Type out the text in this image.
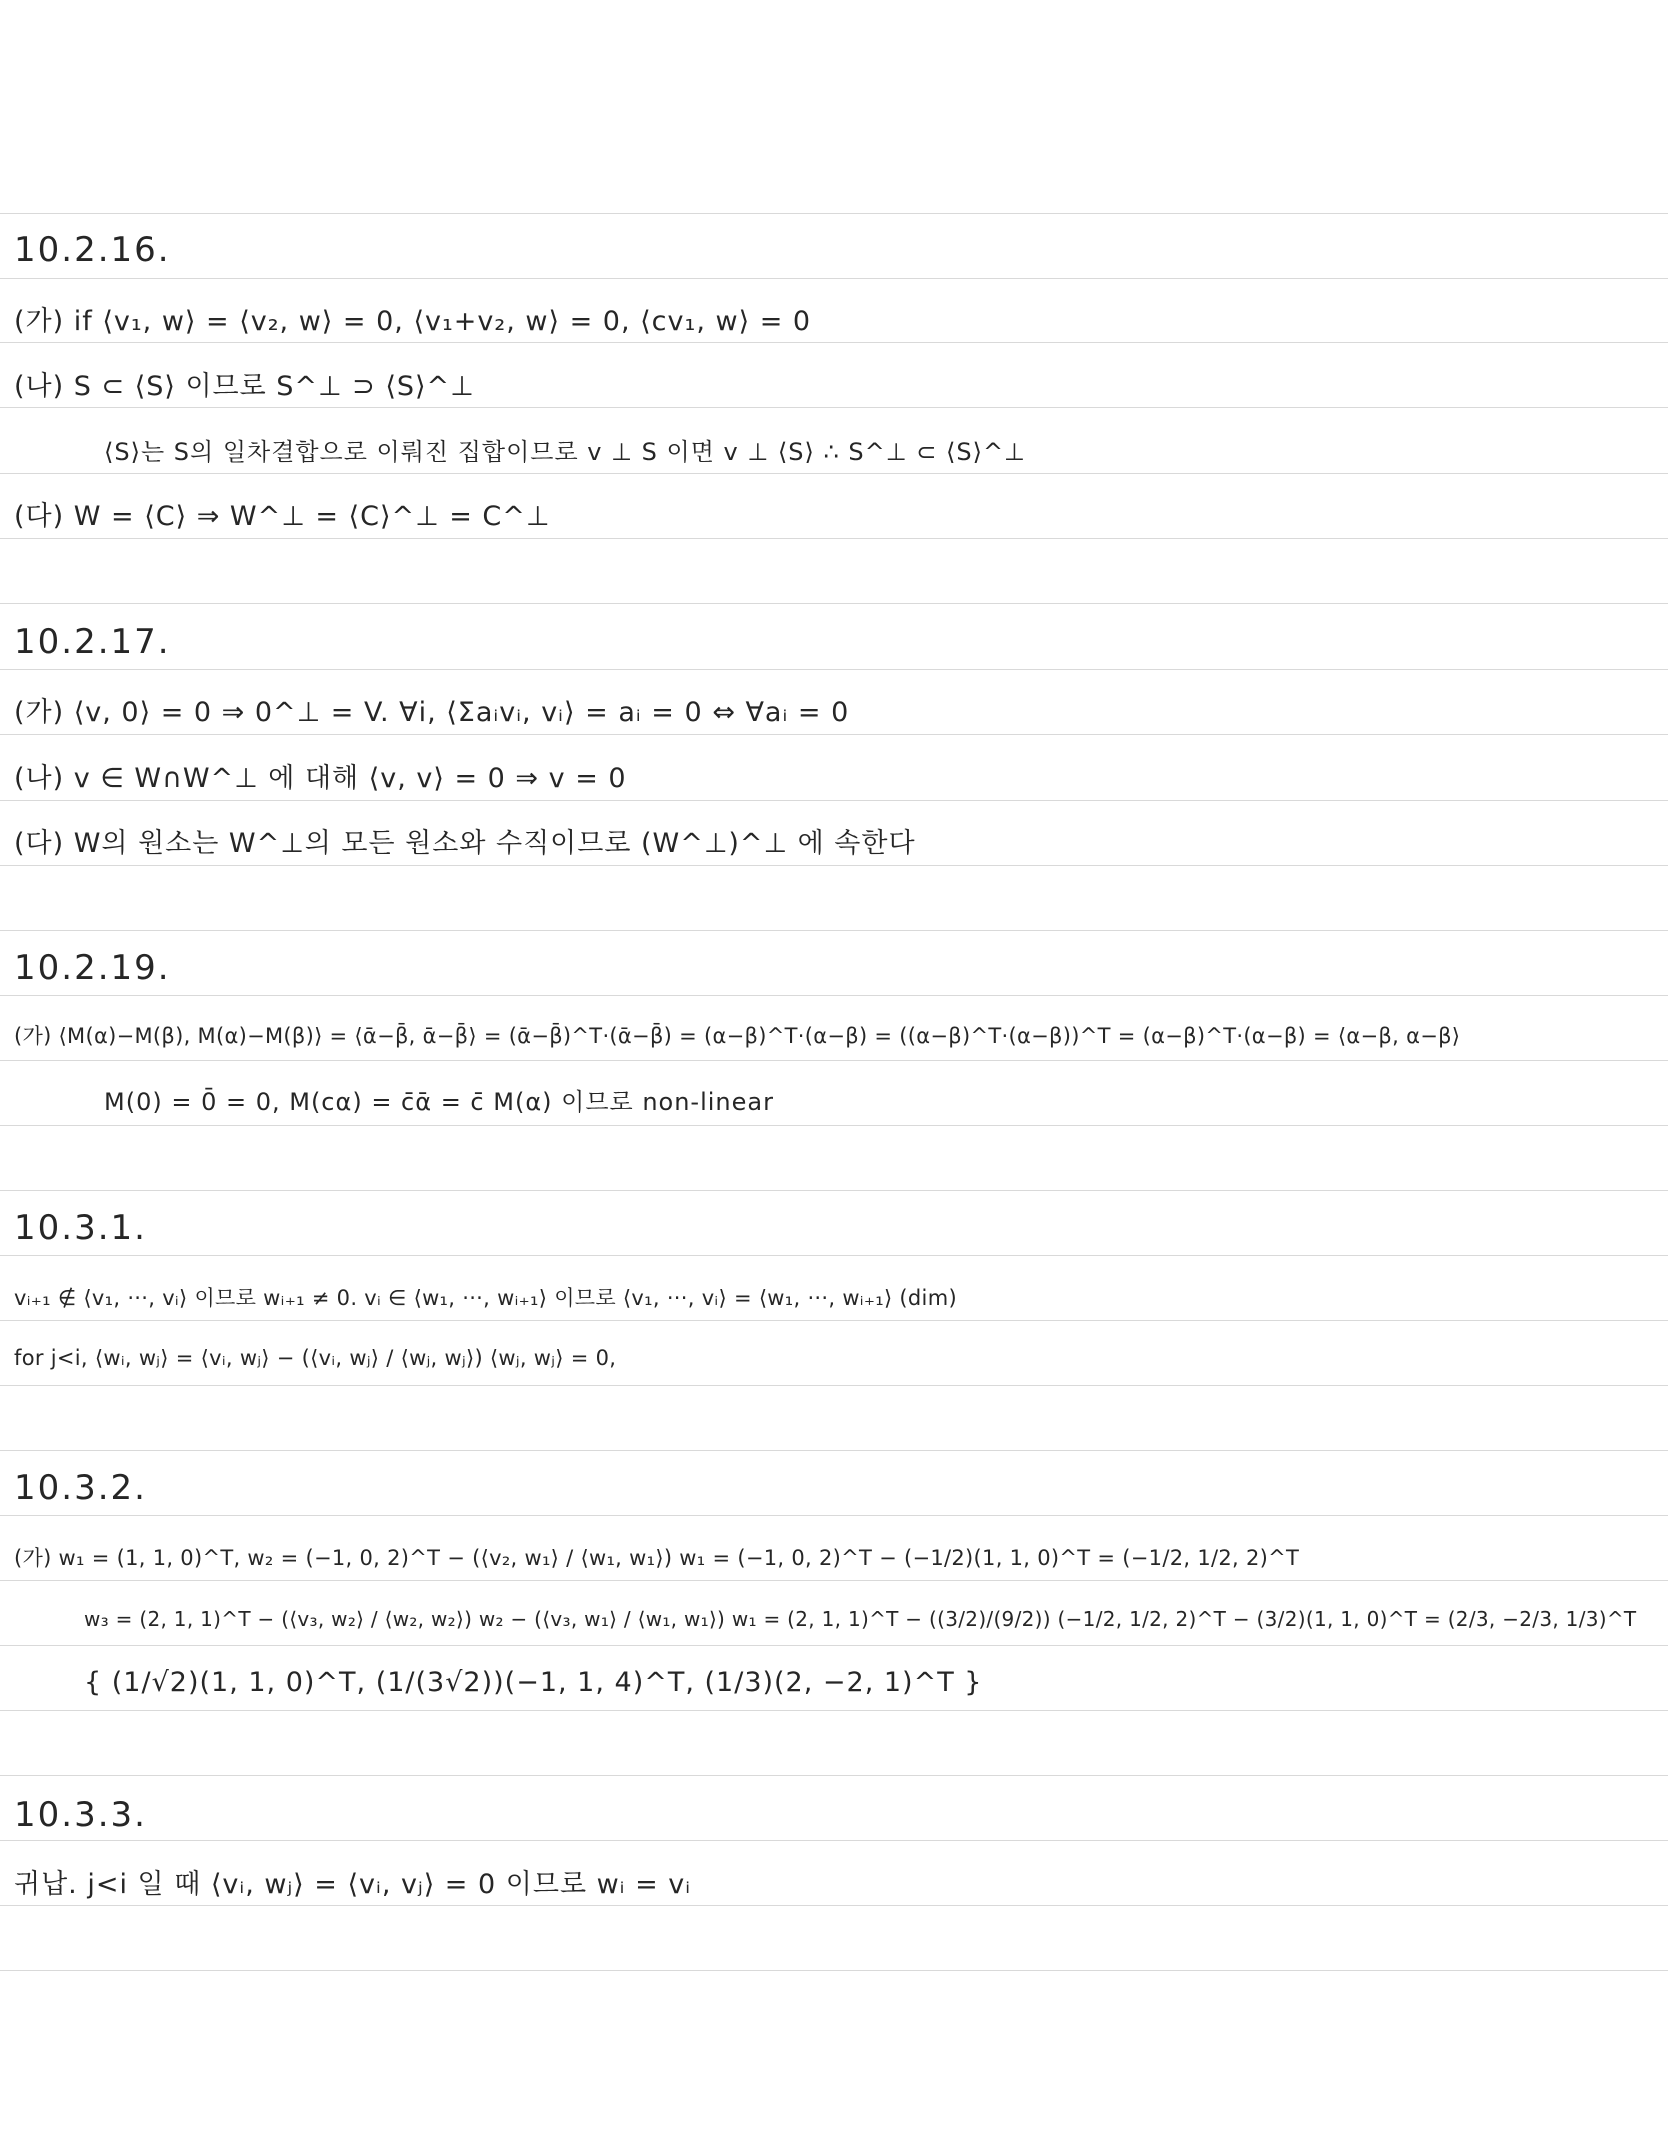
10.2.16.
(가) if ⟨v₁, w⟩ = ⟨v₂, w⟩ = 0, ⟨v₁+v₂, w⟩ = 0, ⟨cv₁, w⟩ = 0
(나) S ⊂ ⟨S⟩ 이므로 S^⊥ ⊃ ⟨S⟩^⊥
⟨S⟩는 S의 일차결합으로 이뤄진 집합이므로 v ⊥ S 이면 v ⊥ ⟨S⟩ ∴ S^⊥ ⊂ ⟨S⟩^⊥
(다) W = ⟨C⟩ ⇒ W^⊥ = ⟨C⟩^⊥ = C^⊥
10.2.17.
(가) ⟨v, 0⟩ = 0 ⇒ 0^⊥ = V. ∀i, ⟨Σaᵢvᵢ, vᵢ⟩ = aᵢ = 0 ⇔ ∀aᵢ = 0
(나) v ∈ W∩W^⊥ 에 대해 ⟨v, v⟩ = 0 ⇒ v = 0
(다) W의 원소는 W^⊥의 모든 원소와 수직이므로 (W^⊥)^⊥ 에 속한다
10.2.19.
(가) ⟨M(α)−M(β), M(α)−M(β)⟩ = ⟨ᾱ−β̄, ᾱ−β̄⟩ = (ᾱ−β̄)^T·(ᾱ−β̄) = (α−β)^T·(α−β) = ((α−β)^T·(α−β))^T = (α−β)^T·(α−β) = ⟨α−β, α−β⟩
M(0) = 0̄ = 0, M(cα) = c̄ᾱ = c̄ M(α) 이므로 non-linear
10.3.1.
vᵢ₊₁ ∉ ⟨v₁, ···, vᵢ⟩ 이므로 wᵢ₊₁ ≠ 0. vᵢ ∈ ⟨w₁, ···, wᵢ₊₁⟩ 이므로 ⟨v₁, ···, vᵢ⟩ = ⟨w₁, ···, wᵢ₊₁⟩ (dim)
for j<i, ⟨wᵢ, wⱼ⟩ = ⟨vᵢ, wⱼ⟩ − (⟨vᵢ, wⱼ⟩ / ⟨wⱼ, wⱼ⟩) ⟨wⱼ, wⱼ⟩ = 0,
10.3.2.
(가) w₁ = (1, 1, 0)^T, w₂ = (−1, 0, 2)^T − (⟨v₂, w₁⟩ / ⟨w₁, w₁⟩) w₁ = (−1, 0, 2)^T − (−1/2)(1, 1, 0)^T = (−1/2, 1/2, 2)^T
w₃ = (2, 1, 1)^T − (⟨v₃, w₂⟩ / ⟨w₂, w₂⟩) w₂ − (⟨v₃, w₁⟩ / ⟨w₁, w₁⟩) w₁ = (2, 1, 1)^T − ((3/2)/(9/2)) (−1/2, 1/2, 2)^T − (3/2)(1, 1, 0)^T = (2/3, −2/3, 1/3)^T
{ (1/√2)(1, 1, 0)^T, (1/(3√2))(−1, 1, 4)^T, (1/3)(2, −2, 1)^T }
10.3.3.
귀납. j<i 일 때 ⟨vᵢ, wⱼ⟩ = ⟨vᵢ, vⱼ⟩ = 0 이므로 wᵢ = vᵢ
